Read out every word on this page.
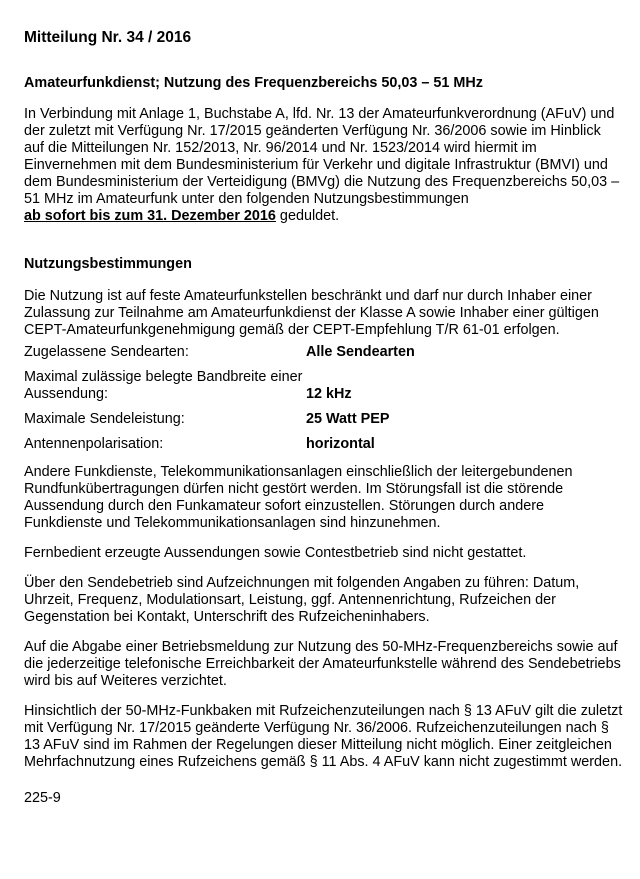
Mitteilung Nr. 34 / 2016
Amateurfunkdienst; Nutzung des Frequenzbereichs 50,03 – 51 MHz

In Verbindung mit Anlage 1, Buchstabe A, lfd. Nr. 13 der Amateurfunkverordnung (AFuV) und der zuletzt mit Verfügung Nr. 17/2015 geänderten Verfügung Nr. 36/2006 sowie im Hinblick auf die Mitteilungen Nr. 152/2013, Nr. 96/2014 und Nr. 1523/2014 wird hiermit im Einvernehmen mit dem Bundesministerium für Verkehr und digitale Infrastruktur (BMVI) und dem Bundesministerium der Verteidigung (BMVg) die Nutzung des Frequenzbereichs 50,03 – 51 MHz im Amateurfunk unter den folgenden Nutzungsbestimmungen
ab sofort bis zum 31. Dezember 2016 geduldet.

Nutzungsbestimmungen

Die Nutzung ist auf feste Amateurfunkstellen beschränkt und darf nur durch Inhaber einer Zulassung zur Teilnahme am Amateurfunkdienst der Klasse A sowie Inhaber einer gültigen CEPT-Amateurfunkgenehmigung gemäß der CEPT-Empfehlung T/R 61-01 erfolgen.

Zugelassene Sendearten:	Alle Sendearten
Maximal zulässige belegte Bandbreite einer Aussendung:	12 kHz
Maximale Sendeleistung:	25 Watt PEP
Antennenpolarisation:	horizontal

Andere Funkdienste, Telekommunikationsanlagen einschließlich der leitergebundenen Rundfunkübertragungen dürfen nicht gestört werden. Im Störungsfall ist die störende Aussendung durch den Funkamateur sofort einzustellen. Störungen durch andere Funkdienste und Telekommunikationsanlagen sind hinzunehmen.

Fernbedient erzeugte Aussendungen sowie Contestbetrieb sind nicht gestattet.

Über den Sendebetrieb sind Aufzeichnungen mit folgenden Angaben zu führen: Datum, Uhrzeit, Frequenz, Modulationsart, Leistung, ggf. Antennenrichtung, Rufzeichen der Gegenstation bei Kontakt, Unterschrift des Rufzeicheninhabers.

Auf die Abgabe einer Betriebsmeldung zur Nutzung des 50-MHz-Frequenzbereichs sowie auf die jederzeitige telefonische Erreichbarkeit der Amateurfunkstelle während des Sendebetriebs wird bis auf Weiteres verzichtet.

Hinsichtlich der 50-MHz-Funkbaken mit Rufzeichenzuteilungen nach § 13 AFuV gilt die zuletzt mit Verfügung Nr. 17/2015 geänderte Verfügung Nr. 36/2006. Rufzeichenzuteilungen nach § 13 AFuV sind im Rahmen der Regelungen dieser Mitteilung nicht möglich. Einer zeitgleichen Mehrfachnutzung eines Rufzeichens gemäß § 11 Abs. 4 AFuV kann nicht zugestimmt werden.

225-9
